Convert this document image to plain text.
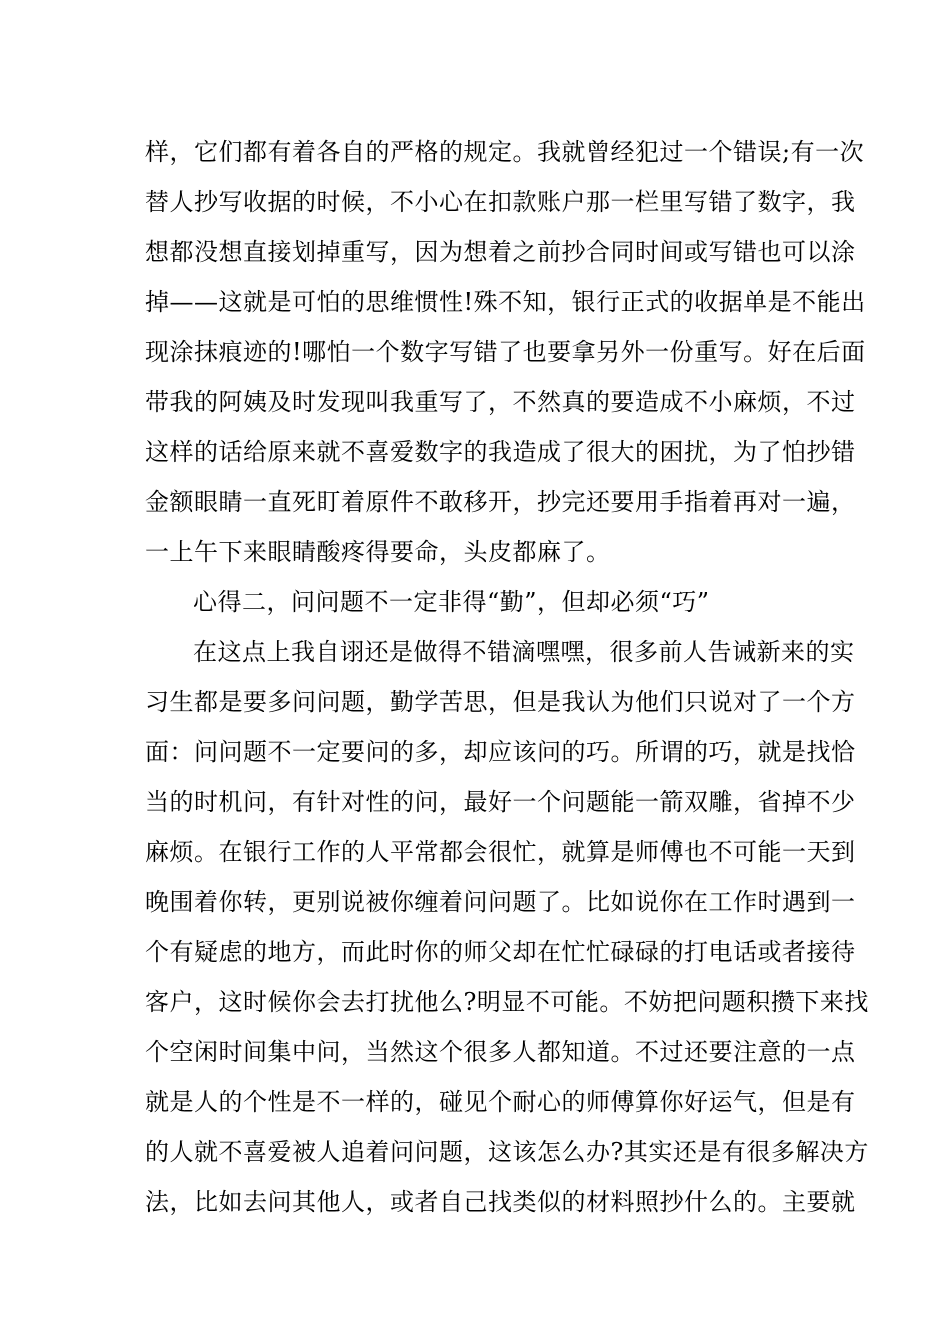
样，它们都有着各自的严格的规定。我就曾经犯过一个错误;有一次
替人抄写收据的时候，不小心在扣款账户那一栏里写错了数字，我
想都没想直接划掉重写，因为想着之前抄合同时间或写错也可以涂
掉——这就是可怕的思维惯性!殊不知，银行正式的收据单是不能出
现涂抹痕迹的!哪怕一个数字写错了也要拿另外一份重写。好在后面
带我的阿姨及时发现叫我重写了，不然真的要造成不小麻烦，不过
这样的话给原来就不喜爱数字的我造成了很大的困扰，为了怕抄错
金额眼睛一直死盯着原件不敢移开，抄完还要用手指着再对一遍，
一上午下来眼睛酸疼得要命，头皮都麻了。
心得二，问问题不一定非得“勤”，但却必须“巧”
在这点上我自诩还是做得不错滴嘿嘿，很多前人告诫新来的实
习生都是要多问问题，勤学苦思，但是我认为他们只说对了一个方
面：问问题不一定要问的多，却应该问的巧。所谓的巧，就是找恰
当的时机问，有针对性的问，最好一个问题能一箭双雕，省掉不少
麻烦。在银行工作的人平常都会很忙，就算是师傅也不可能一天到
晚围着你转，更别说被你缠着问问题了。比如说你在工作时遇到一
个有疑虑的地方，而此时你的师父却在忙忙碌碌的打电话或者接待
客户，这时候你会去打扰他么?明显不可能。不妨把问题积攒下来找
个空闲时间集中问，当然这个很多人都知道。不过还要注意的一点
就是人的个性是不一样的，碰见个耐心的师傅算你好运气，但是有
的人就不喜爱被人追着问问题，这该怎么办?其实还是有很多解决方
法，比如去问其他人，或者自己找类似的材料照抄什么的。主要就
